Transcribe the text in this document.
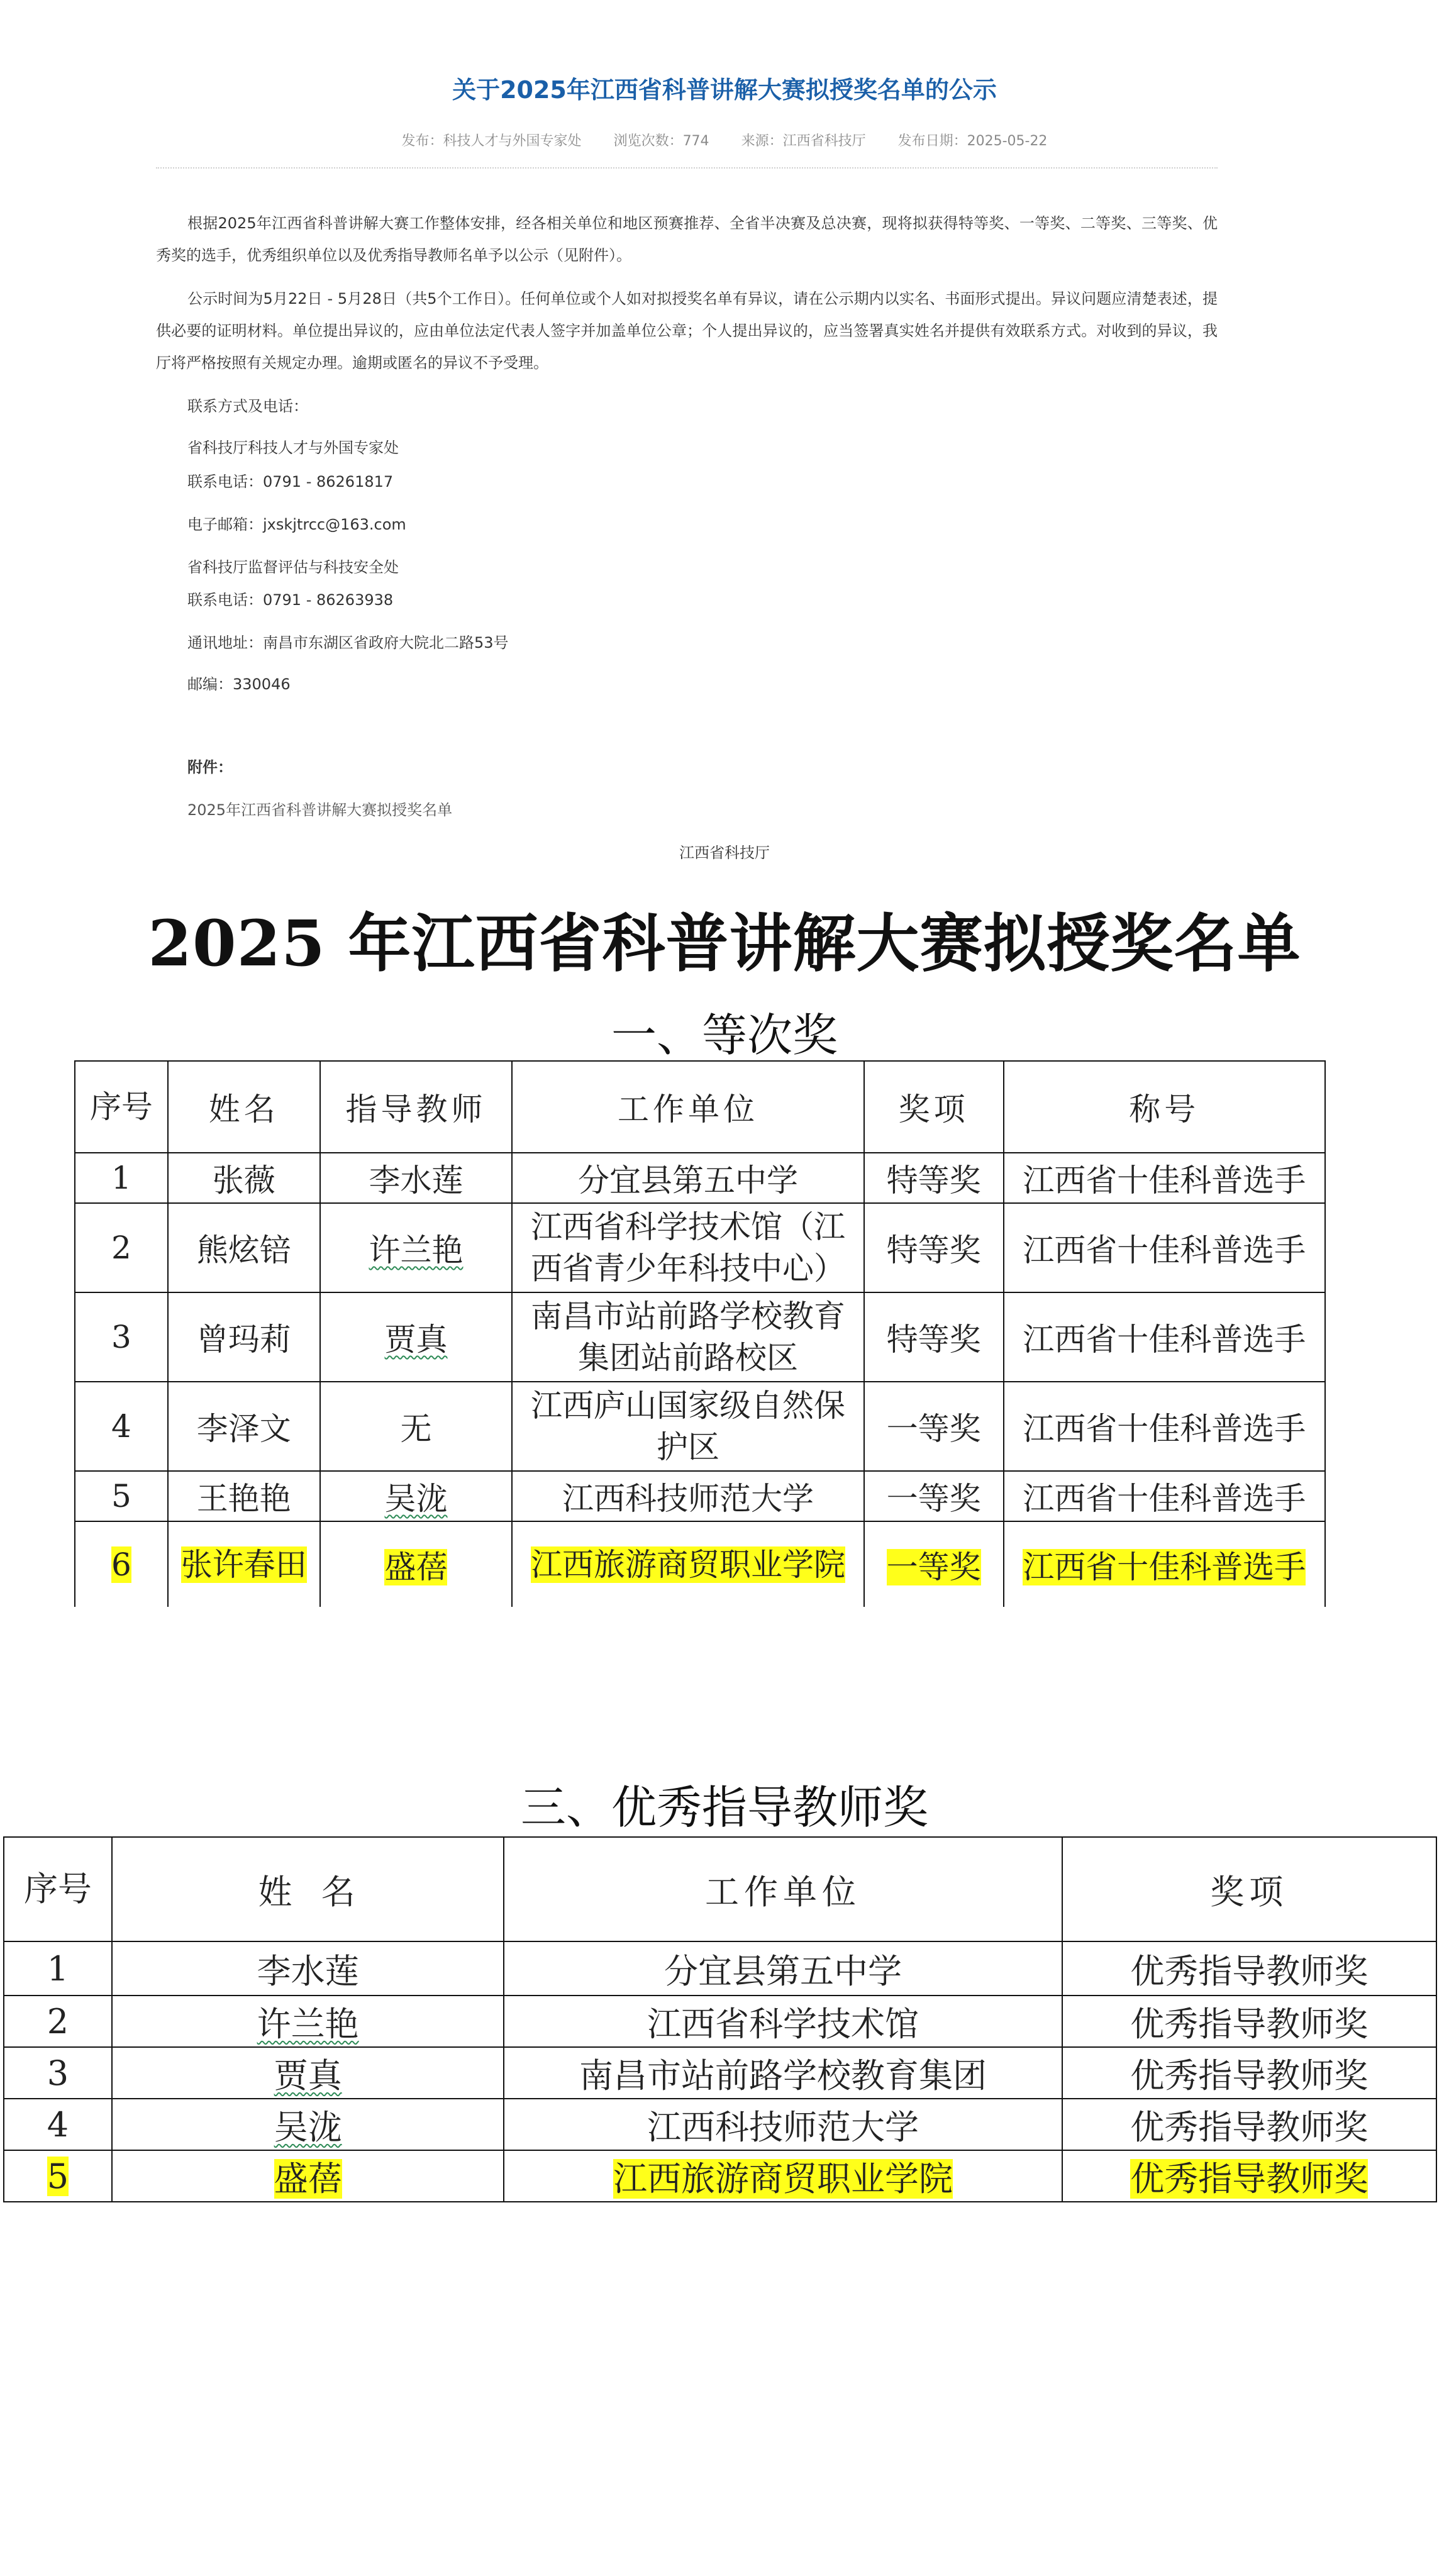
关于2025年江西省科普讲解大赛拟授奖名单的公示
发布：科技人才与外国专家处 浏览次数：774 来源：江西省科技厅 发布日期：2025-05-22

根据2025年江西省科普讲解大赛工作整体安排，经各相关单位和地区预赛推荐、全省半决赛及总决赛，现将拟获得特等奖、一等奖、二等奖、三等奖、优秀奖的选手，优秀组织单位以及优秀指导教师名单予以公示（见附件）。

公示时间为5月22日 - 5月28日（共5个工作日）。任何单位或个人如对拟授奖名单有异议，请在公示期内以实名、书面形式提出。异议问题应清楚表述，提供必要的证明材料。单位提出异议的，应由单位法定代表人签字并加盖单位公章；个人提出异议的，应当签署真实姓名并提供有效联系方式。对收到的异议，我厅将严格按照有关规定办理。逾期或匿名的异议不予受理。

联系方式及电话：
省科技厅科技人才与外国专家处
联系电话：0791 - 86261817
电子邮箱：jxskjtrcc@163.com
省科技厅监督评估与科技安全处
联系电话：0791 - 86263938
通讯地址：南昌市东湖区省政府大院北二路53号
邮编：330046
附件：
2025年江西省科普讲解大赛拟授奖名单
江西省科技厅
2025 年江西省科普讲解大赛拟授奖名单
一、等次奖
序号	姓名	指导教师	工作单位	奖项	称号
1	张薇	李水莲	分宜县第五中学	特等奖	江西省十佳科普选手
2	熊炫锫	许兰艳	江西省科学技术馆（江西省青少年科技中心）	特等奖	江西省十佳科普选手
3	曾玛莉	贾真	南昌市站前路学校教育集团站前路校区	特等奖	江西省十佳科普选手
4	李泽文	无	江西庐山国家级自然保护区	一等奖	江西省十佳科普选手
5	王艳艳	吴泷	江西科技师范大学	一等奖	江西省十佳科普选手
6	张许春田	盛蓓	江西旅游商贸职业学院	一等奖	江西省十佳科普选手
三、优秀指导教师奖
序号	姓  名	工作单位	奖项
1	李水莲	分宜县第五中学	优秀指导教师奖
2	许兰艳	江西省科学技术馆	优秀指导教师奖
3	贾真	南昌市站前路学校教育集团	优秀指导教师奖
4	吴泷	江西科技师范大学	优秀指导教师奖
5	盛蓓	江西旅游商贸职业学院	优秀指导教师奖
